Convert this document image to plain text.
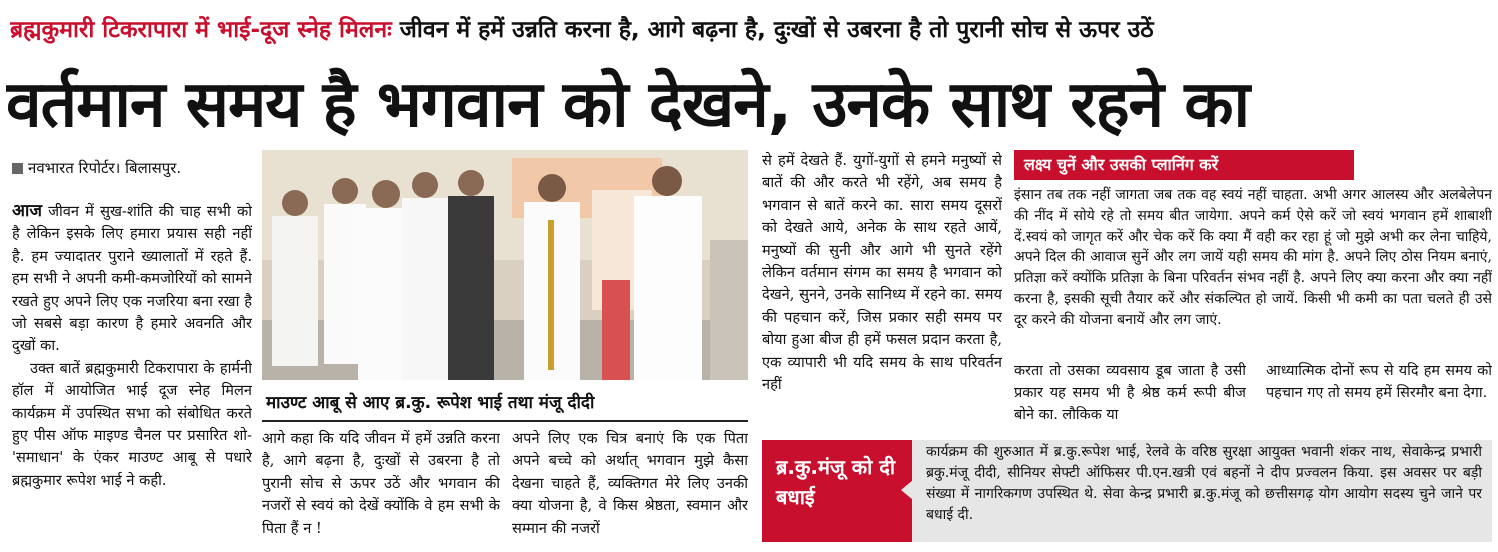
ब्रह्मकुमारी टिकरापारा में भाई-दूज स्नेह मिलनः जीवन में हमें उन्नति करना है, आगे बढ़ना है, दुःखों से उबरना है तो पुरानी सोच से ऊपर उठें
वर्तमान समय है भगवान को देखने, उनके साथ रहने का
नवभारत रिपोर्टर। बिलासपुर.

आज जीवन में सुख-शांति की चाह सभी को है लेकिन इसके लिए हमारा प्रयास सही नहीं है. हम ज्यादातर पुराने ख्यालातों में रहते हैं. हम सभी ने अपनी कमी-कमजोरियों को सामने रखते हुए अपने लिए एक नजरिया बना रखा है जो सबसे बड़ा कारण है हमारे अवनति और दुखों का.

उक्त बातें ब्रह्मकुमारी टिकरापारा के हार्मनी हॉल में आयोजित भाई दूज स्नेह मिलन कार्यक्रम में उपस्थित सभा को संबोधित करते हुए पीस ऑफ माइण्ड चैनल पर प्रसारित शो- 'समाधान' के एंकर माउण्ट आबू से पधारे ब्रह्मकुमार रूपेश भाई ने कही.

माउण्ट आबू से आए ब्र.कु. रूपेश भाई तथा मंजू दीदी
आगे कहा कि यदि जीवन में हमें उन्नति करना है, आगे बढ़ना है, दुःखों से उबरना है तो पुरानी सोच से ऊपर उठें और भगवान की नजरों से स्वयं को देखें क्योंकि वे हम सभी के पिता हैं न !
अपने लिए एक चित्र बनाएं कि एक पिता अपने बच्चे को अर्थात् भगवान मुझे कैसा देखना चाहते हैं, व्यक्तिगत मेरे लिए उनकी क्या योजना है, वे किस श्रेष्ठता, स्वमान और सम्मान की नजरों
से हमें देखते हैं. युगों-युगों से हमने मनुष्यों से बातें की और करते भी रहेंगे, अब समय है भगवान से बातें करने का. सारा समय दूसरों को देखते आये, अनेक के साथ रहते आयें, मनुष्यों की सुनी और आगे भी सुनते रहेंगे लेकिन वर्तमान संगम का समय है भगवान को देखने, सुनने, उनके सानिध्य में रहने का. समय की पहचान करें, जिस प्रकार सही समय पर बोया हुआ बीज ही हमें फसल प्रदान करता है, एक व्यापारी भी यदि समय के साथ परिवर्तन नहीं
लक्ष्य चुनें और उसकी प्लानिंग करें
इंसान तब तक नहीं जागता जब तक वह स्वयं नहीं चाहता. अभी अगर आलस्य और अलबेलेपन की नींद में सोये रहे तो समय बीत जायेगा. अपने कर्म ऐसे करें जो स्वयं भगवान हमें शाबाशी दें.स्वयं को जागृत करें और चेक करें कि क्या मैं वही कर रहा हूं जो मुझे अभी कर लेना चाहिये, अपने दिल की आवाज सुनें और लग जायें यही समय की मांग है. अपने लिए ठोस नियम बनाएं, प्रतिज्ञा करें क्योंकि प्रतिज्ञा के बिना परिवर्तन संभव नहीं है. अपने लिए क्या करना और क्या नहीं करना है, इसकी सूची तैयार करें और संकल्पित हो जायें. किसी भी कमी का पता चलते ही उसे दूर करने की योजना बनायें और लग जाएं.
करता तो उसका व्यवसाय डूब जाता है उसी प्रकार यह समय भी है श्रेष्ठ कर्म रूपी बीज बोने का. लौकिक या
आध्यात्मिक दोनों रूप से यदि हम समय को पहचान गए तो समय हमें सिरमौर बना देगा.
ब्र.कु.मंजू को दी बधाई
कार्यक्रम की शुरुआत में ब्र.कु.रूपेश भाई, रेलवे के वरिष्ठ सुरक्षा आयुक्त भवानी शंकर नाथ, सेवाकेन्द्र प्रभारी ब्रकु.मंजू दीदी, सीनियर सेफ्टी ऑफिसर पी.एन.खत्री एवं बहनों ने दीप प्रज्वलन किया. इस अवसर पर बड़ी संख्या में नागरिकगण उपस्थित थे. सेवा केन्द्र प्रभारी ब्र.कु.मंजू को छत्तीसगढ़ योग आयोग सदस्य चुने जाने पर बधाई दी.
